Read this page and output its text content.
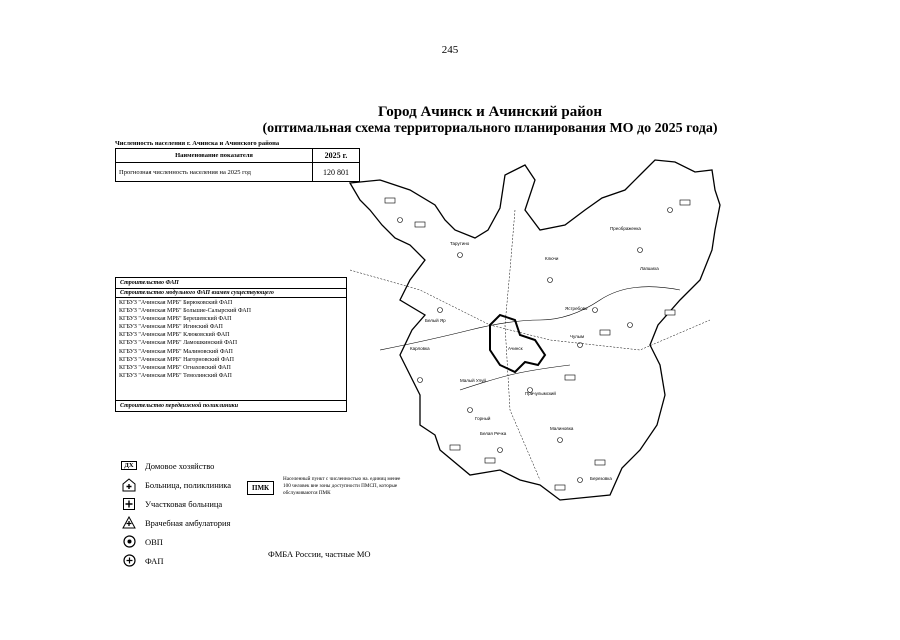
245
Город Ачинск и Ачинский район
(оптимальная схема территориального планирования МО до 2025 года)
Численность населения г. Ачинска и Ачинского района
Наименование показателя	2025 г.
Прогнозная численность населения на 2025 год	120 801
Строительство ФАП
Строительство модульного ФАП взамен существующего
КГБУЗ "Ачинская МРБ" Бирюковский ФАП
КГБУЗ "Ачинская МРБ" Большие-Салырский ФАП
КГБУЗ "Ачинская МРБ" Берешевский ФАП
КГБУЗ "Ачинская МРБ" Игинский ФАП
КГБУЗ "Ачинская МРБ" Клюковский ФАП
КГБУЗ "Ачинская МРБ" Ламошкинский ФАП
КГБУЗ "Ачинская МРБ" Малиновский ФАП
КГБУЗ "Ачинская МРБ" Нагорновский ФАП
КГБУЗ "Ачинская МРБ" Огнаховский ФАП
КГБУЗ "Ачинская МРБ" Темолинский ФАП
Строительство передвижной поликлиники
Ачинск
Малый Улуй
Белый Яр
Тарутино
Преображенка
Ключи
Причулымский
Ястребово
Горный
Лапшиха
Белая Речка
Чулым
Карловка
Малиновка
Березовка
ДХ	Домовое хозяйство
Больница, поликлиника
Участковая больница
Врачебная амбулатория
ОВП
ФАП
ПМК
Населенный пункт с численностью на. единиц менее 100 человек вне зоны доступности ПМСП, которые обслуживаются ПМК
ФМБА России, частные МО
